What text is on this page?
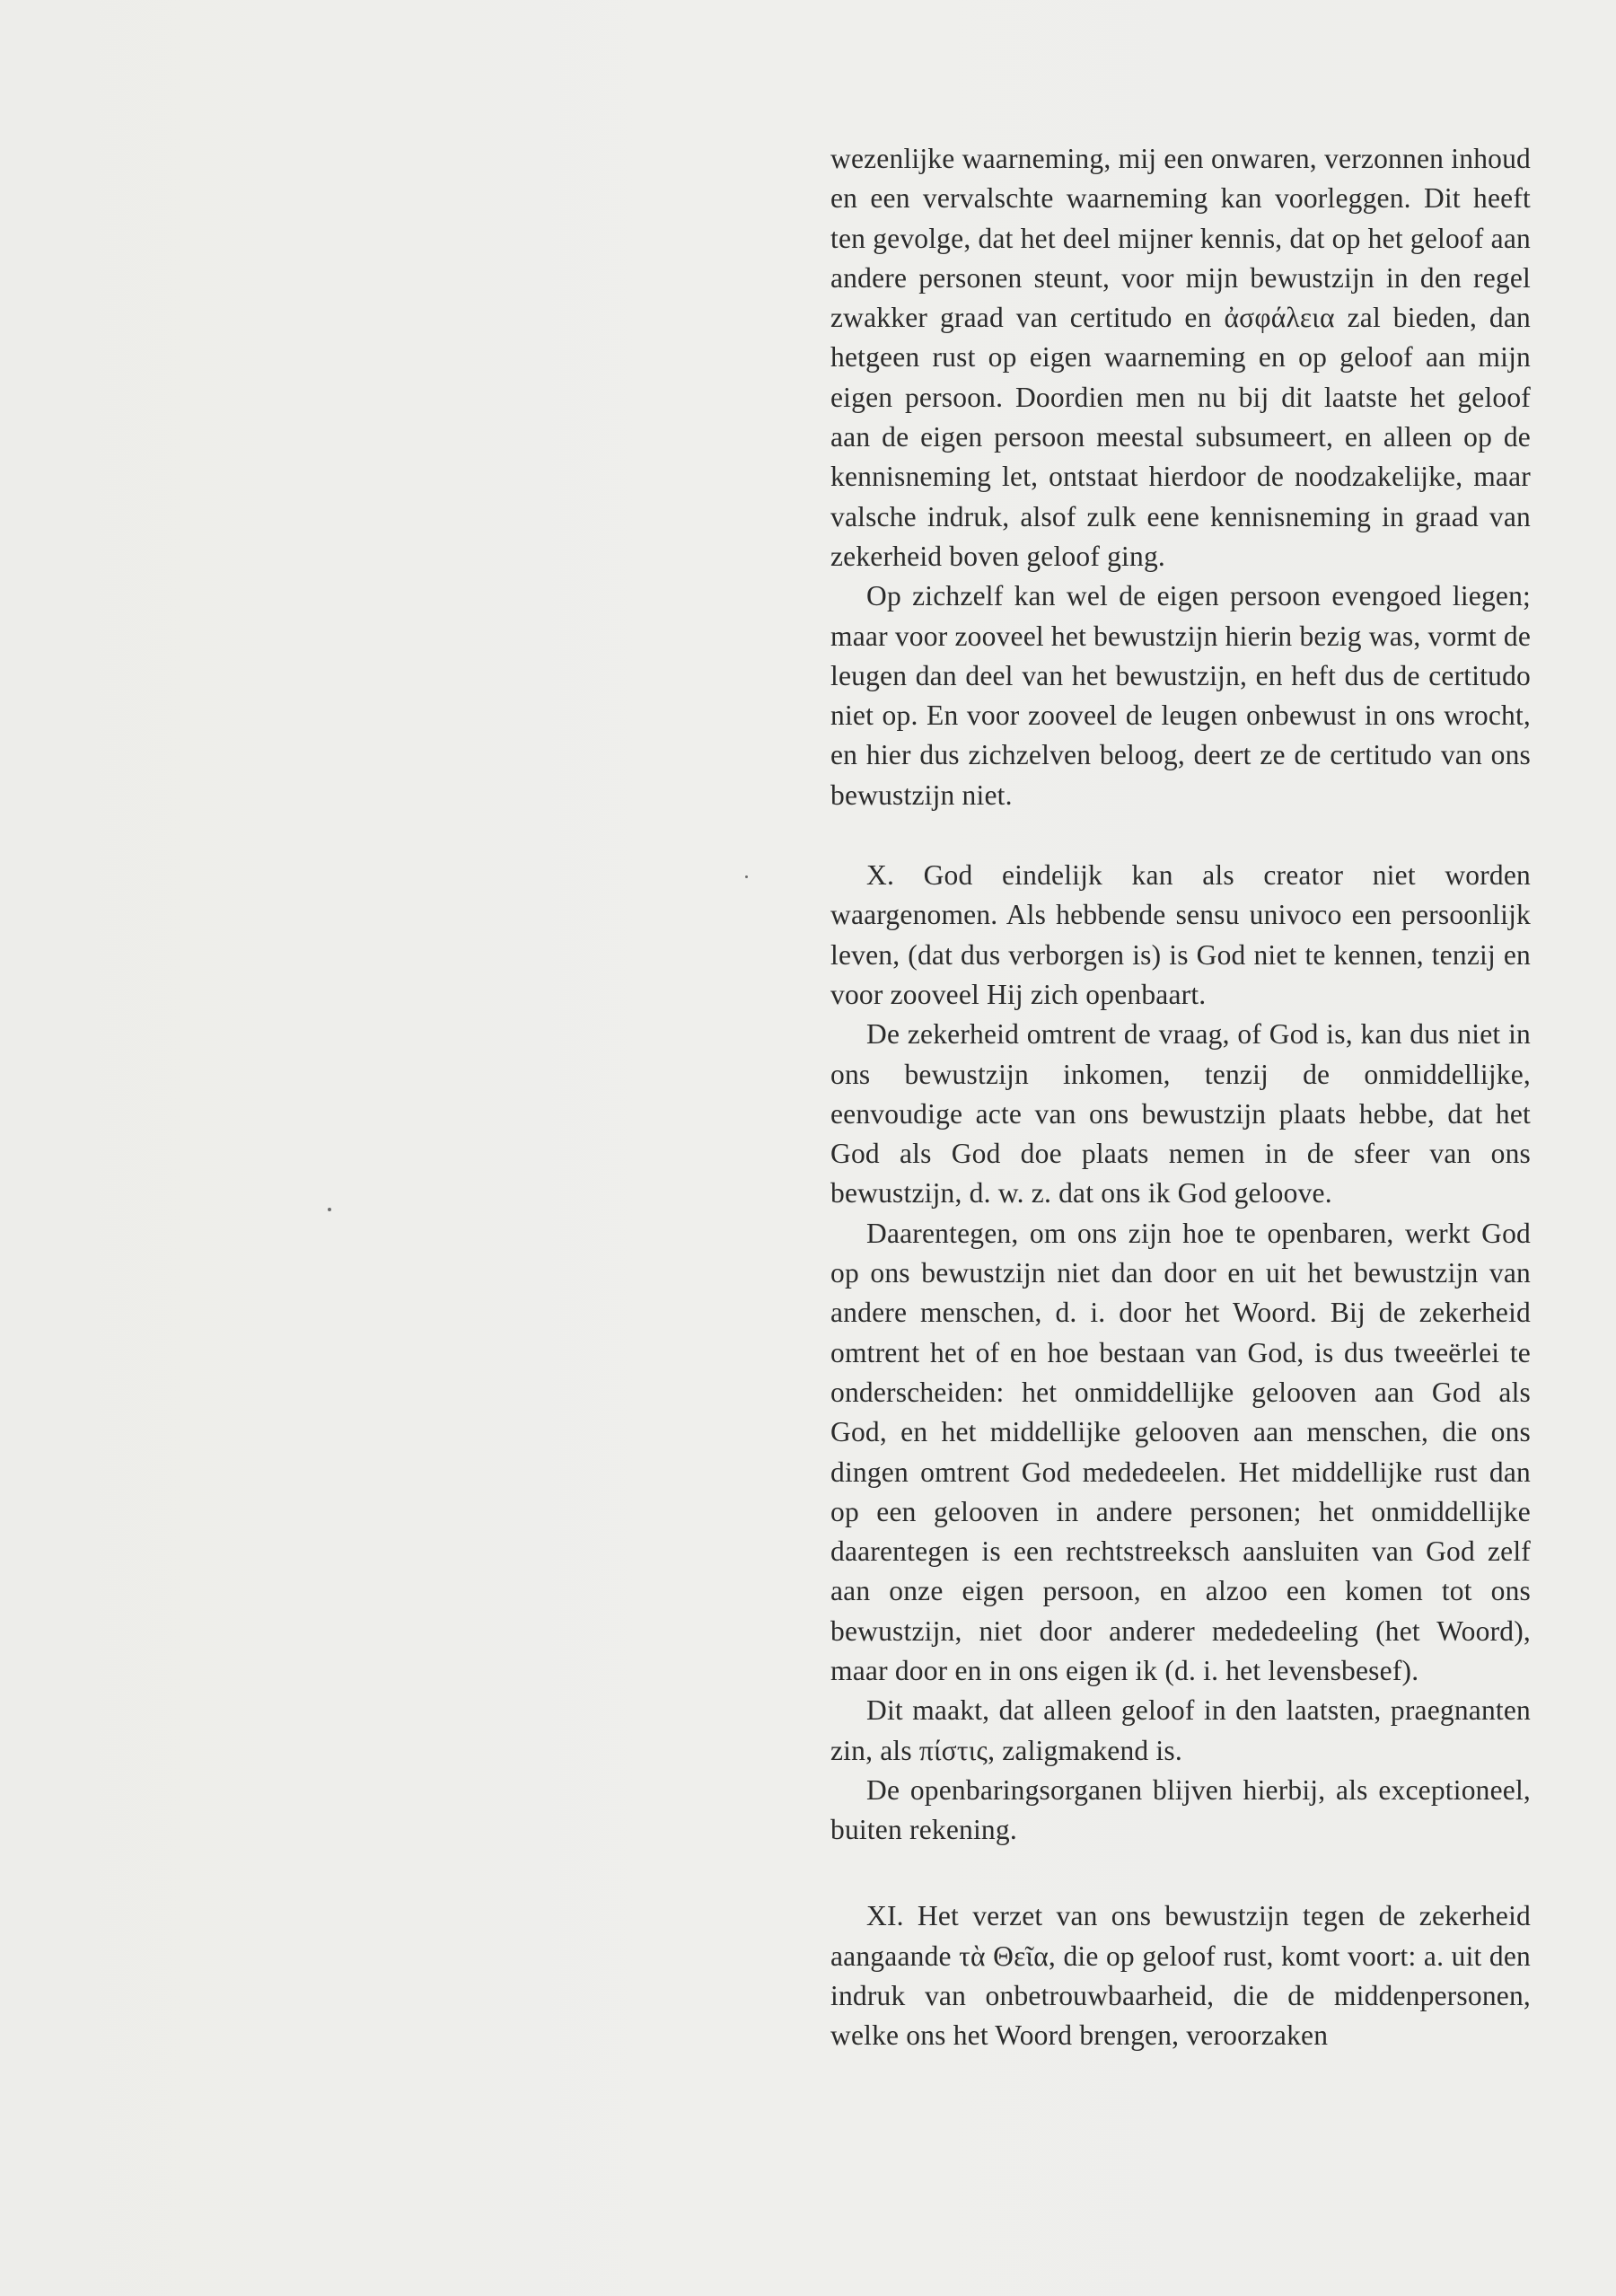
wezenlijke waarneming, mij een onwaren, verzonnen inhoud en een vervalschte waarneming kan voorleggen. Dit heeft ten gevolge, dat het deel mijner kennis, dat op het geloof aan andere personen steunt, voor mijn bewustzijn in den regel zwakker graad van certitudo en ἀσφάλεια zal bieden, dan hetgeen rust op eigen waarneming en op geloof aan mijn eigen persoon. Doordien men nu bij dit laatste het geloof aan de eigen persoon meestal subsumeert, en alleen op de kennisneming let, ontstaat hierdoor de noodzakelijke, maar valsche indruk, alsof zulk eene kennisneming in graad van zekerheid boven geloof ging.

Op zichzelf kan wel de eigen persoon evengoed liegen; maar voor zooveel het bewustzijn hierin bezig was, vormt de leugen dan deel van het bewustzijn, en heft dus de certitudo niet op. En voor zooveel de leugen onbewust in ons wrocht, en hier dus zichzelven beloog, deert ze de certitudo van ons bewustzijn niet.

X. God eindelijk kan als creator niet worden waargenomen. Als hebbende sensu univoco een persoonlijk leven, (dat dus verborgen is) is God niet te kennen, tenzij en voor zooveel Hij zich openbaart.

De zekerheid omtrent de vraag, of God is, kan dus niet in ons bewustzijn inkomen, tenzij de onmiddellijke, eenvoudige acte van ons bewustzijn plaats hebbe, dat het God als God doe plaats nemen in de sfeer van ons bewustzijn, d. w. z. dat ons ik God geloove.

Daarentegen, om ons zijn hoe te openbaren, werkt God op ons bewustzijn niet dan door en uit het bewustzijn van andere menschen, d. i. door het Woord. Bij de zekerheid omtrent het of en hoe bestaan van God, is dus tweeërlei te onderscheiden: het onmiddellijke gelooven aan God als God, en het middellijke gelooven aan menschen, die ons dingen omtrent God mededeelen. Het middellijke rust dan op een gelooven in andere personen; het onmiddellijke daarentegen is een rechtstreeksch aansluiten van God zelf aan onze eigen persoon, en alzoo een komen tot ons bewustzijn, niet door anderer mededeeling (het Woord), maar door en in ons eigen ik (d. i. het levensbesef).

Dit maakt, dat alleen geloof in den laatsten, praegnanten zin, als πίστις, zaligmakend is.

De openbaringsorganen blijven hierbij, als exceptioneel, buiten rekening.

XI. Het verzet van ons bewustzijn tegen de zekerheid aangaande τὰ Θεῖα, die op geloof rust, komt voort: a. uit den indruk van onbetrouwbaarheid, die de middenpersonen, welke ons het Woord brengen, veroorzaken
